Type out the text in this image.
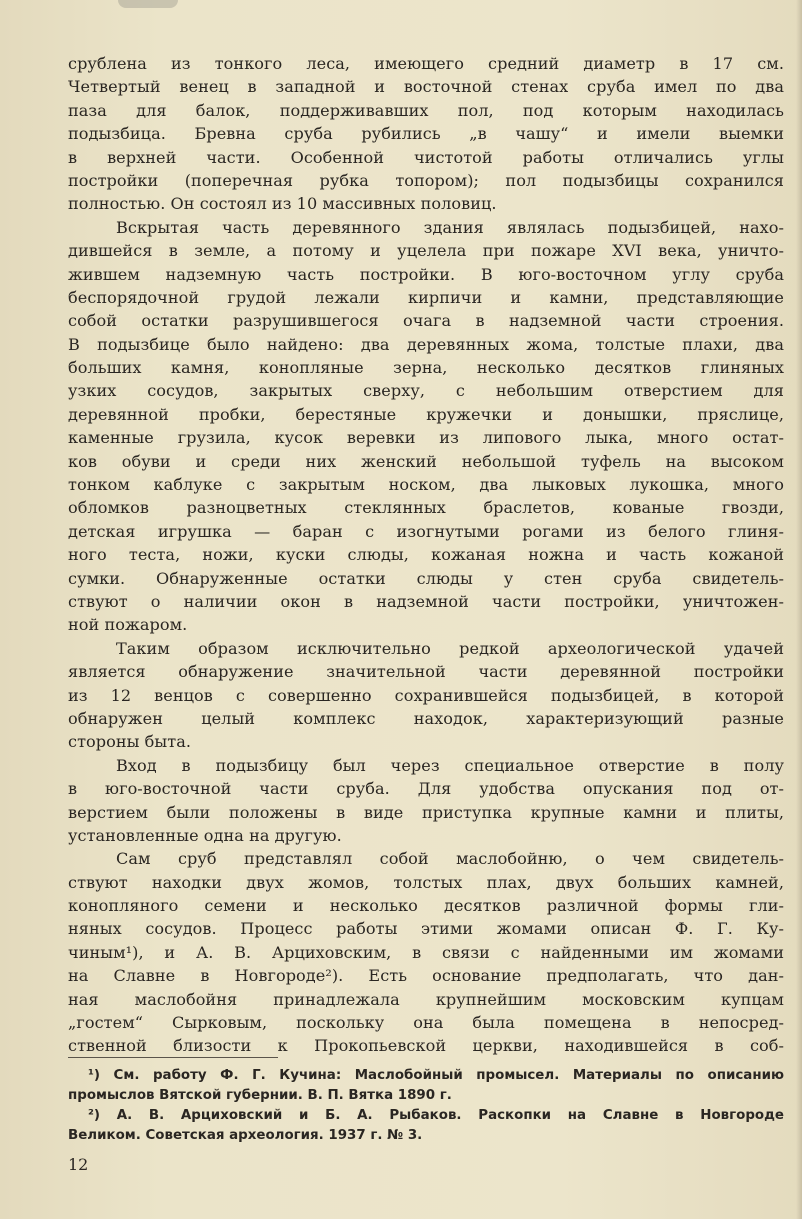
срублена из тонкого леса, имеющего средний диаметр в 17 см.
Четвертый венец в западной и восточной стенах сруба имел по два
паза для балок, поддерживавших пол, под которым находилась
подызбица. Бревна сруба рубились „в чашу“ и имели выемки
в верхней части. Особенной чистотой работы отличались углы
постройки (поперечная рубка топором); пол подызбицы сохранился
полностью. Он состоял из 10 массивных половиц.
Вскрытая часть деревянного здания являлась подызбицей, нахо-
дившейся в земле, а потому и уцелела при пожаре XVI века, уничто-
жившем надземную часть постройки. В юго-восточном углу сруба
беспорядочной грудой лежали кирпичи и камни, представляющие
собой остатки разрушившегося очага в надземной части строения.
В подызбице было найдено: два деревянных жома, толстые плахи, два
больших камня, конопляные зерна, несколько десятков глиняных
узких сосудов, закрытых сверху, с небольшим отверстием для
деревянной пробки, берестяные кружечки и донышки, пряслице,
каменные грузила, кусок веревки из липового лыка, много остат-
ков обуви и среди них женский небольшой туфель на высоком
тонком каблуке с закрытым носком, два лыковых лукошка, много
обломков разноцветных стеклянных браслетов, кованые гвозди,
детская игрушка — баран с изогнутыми рогами из белого глиня-
ного теста, ножи, куски слюды, кожаная ножна и часть кожаной
сумки. Обнаруженные остатки слюды у стен сруба свидетель-
ствуют о наличии окон в надземной части постройки, уничтожен-
ной пожаром.
Таким образом исключительно редкой археологической удачей
является обнаружение значительной части деревянной постройки
из 12 венцов с совершенно сохранившейся подызбицей, в которой
обнаружен целый комплекс находок, характеризующий разные
стороны быта.
Вход в подызбицу был через специальное отверстие в полу
в юго-восточной части сруба. Для удобства опускания под от-
верстием были положены в виде приступка крупные камни и плиты,
установленные одна на другую.
Сам сруб представлял собой маслобойню, о чем свидетель-
ствуют находки двух жомов, толстых плах, двух больших камней,
конопляного семени и несколько десятков различной формы гли-
няных сосудов. Процесс работы этими жомами описан Ф. Г. Ку-
чиным¹), и А. В. Арциховским, в связи с найденными им жомами
на Славне в Новгороде²). Есть основание предполагать, что дан-
ная маслобойня принадлежала крупнейшим московским купцам
„гостем“ Сырковым, поскольку она была помещена в непосред-
ственной близости к Прокопьевской церкви, находившейся в соб-
¹) См. работу Ф. Г. Кучина: Маслобойный промысел. Материалы по описанию
промыслов Вятской губернии. В. П. Вятка 1890 г.
²) А. В. Арциховский и Б. А. Рыбаков. Раскопки на Славне в Новгороде
Великом. Советская археология. 1937 г. № 3.
12
